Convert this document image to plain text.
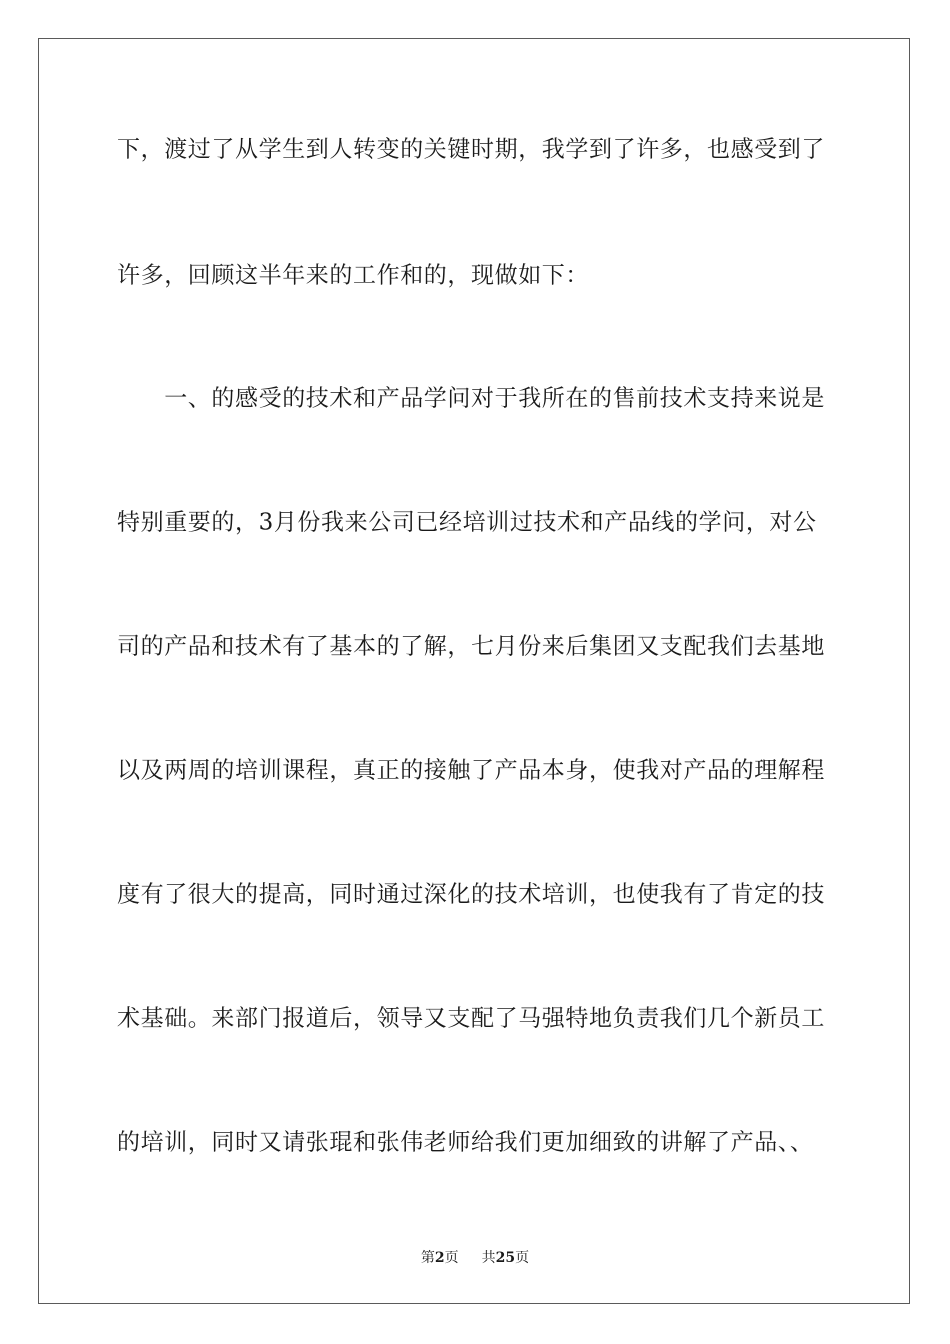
下，渡过了从学生到人转变的关键时期，我学到了许多，也感受到了
许多，回顾这半年来的工作和的，现做如下：
　　一、的感受的技术和产品学问对于我所在的售前技术支持来说是
特别重要的，3月份我来公司已经培训过技术和产品线的学问，对公
司的产品和技术有了基本的了解，七月份来后集团又支配我们去基地
以及两周的培训课程，真正的接触了产品本身，使我对产品的理解程
度有了很大的提高，同时通过深化的技术培训，也使我有了肯定的技
术基础。来部门报道后，领导又支配了马强特地负责我们几个新员工
的培训，同时又请张琨和张伟老师给我们更加细致的讲解了产品、、
第2页 共25页
